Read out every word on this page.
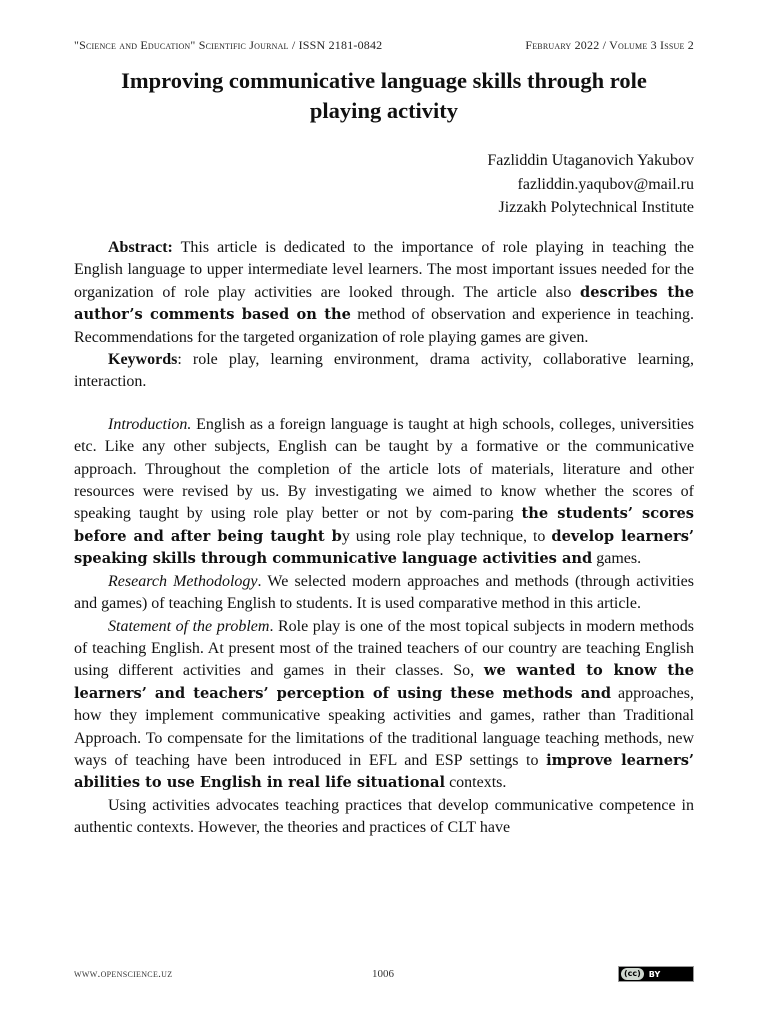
"Science and Education" Scientific Journal / ISSN 2181-0842	February 2022 / Volume 3 Issue 2
Improving communicative language skills through role playing activity
Fazliddin Utaganovich Yakubov
fazliddin.yaqubov@mail.ru
Jizzakh Polytechnical Institute

Abstract: This article is dedicated to the importance of role playing in teaching the English language to upper intermediate level learners. The most important issues needed for the organization of role play activities are looked through. The article also describes the author’s comments based on the method of observation and experience in teaching. Recommendations for the targeted organization of role playing games are given.

Keywords: role play, learning environment, drama activity, collaborative learning, interaction.

Introduction. English as a foreign language is taught at high schools, colleges, universities etc. Like any other subjects, English can be taught by a formative or the communicative approach. Throughout the completion of the article lots of materials, literature and other resources were revised by us. By investigating we aimed to know whether the scores of speaking taught by using role play better or not by com-paring the students’ scores before and after being taught by using role play technique, to develop learners’ speaking skills through communicative language activities and games.

Research Methodology. We selected modern approaches and methods (through activities and games) of teaching English to students. It is used comparative method in this article.

Statement of the problem. Role play is one of the most topical subjects in modern methods of teaching English. At present most of the trained teachers of our country are teaching English using different activities and games in their classes. So, we wanted to know the learners’ and teachers’ perception of using these methods and approaches, how they implement communicative speaking activities and games, rather than Traditional Approach. To compensate for the limitations of the traditional language teaching methods, new ways of teaching have been introduced in EFL and ESP settings to improve learners’ abilities to use English in real life situational contexts.

Using activities advocates teaching practices that develop communicative competence in authentic contexts. However, the theories and practices of CLT have

www.openscience.uz	1006	(cc)	BY
